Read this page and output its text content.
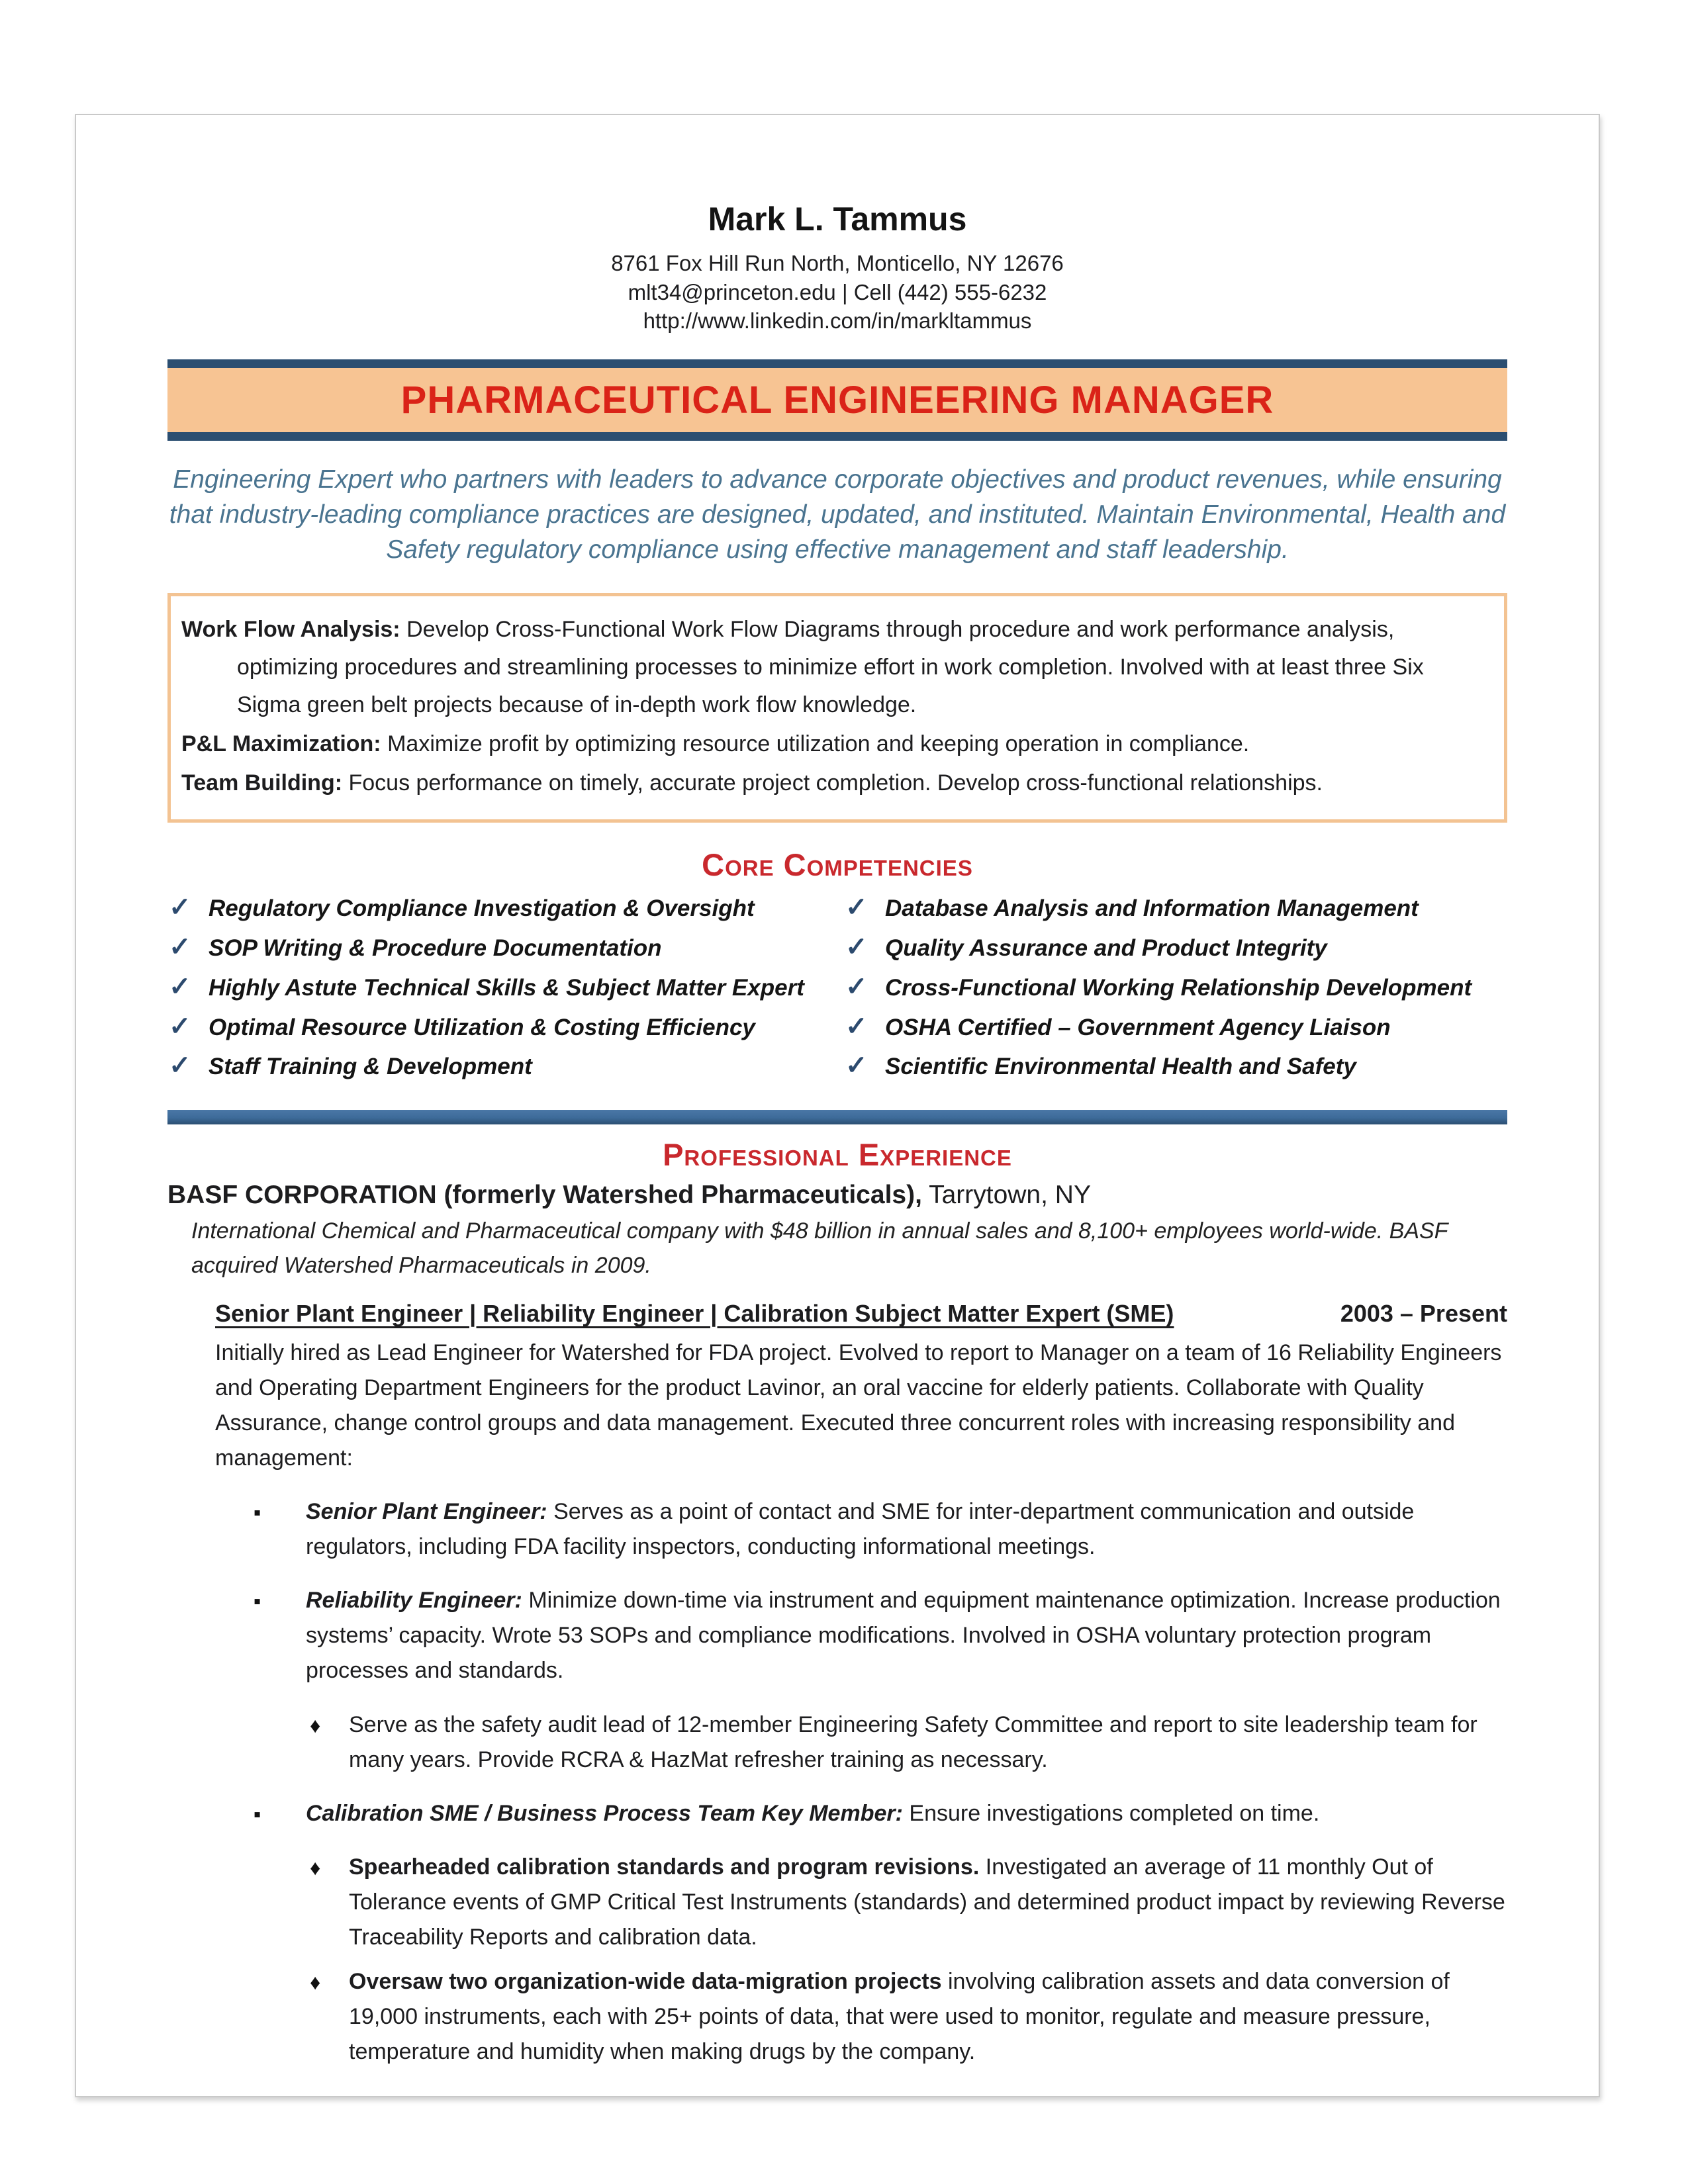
Mark L. Tammus
8761 Fox Hill Run North, Monticello, NY 12676
mlt34@princeton.edu | Cell (442) 555-6232
http://www.linkedin.com/in/markltammus
PHARMACEUTICAL ENGINEERING MANAGER

Engineering Expert who partners with leaders to advance corporate objectives and product revenues, while ensuring that industry-leading compliance practices are designed, updated, and instituted. Maintain Environmental, Health and Safety regulatory compliance using effective management and staff leadership.

Work Flow Analysis: Develop Cross-Functional Work Flow Diagrams through procedure and work performance analysis, optimizing procedures and streamlining processes to minimize effort in work completion. Involved with at least three Six Sigma green belt projects because of in-depth work flow knowledge.

P&L Maximization: Maximize profit by optimizing resource utilization and keeping operation in compliance.

Team Building: Focus performance on timely, accurate project completion. Develop cross-functional relationships.

Core Competencies
✓ Regulatory Compliance Investigation & Oversight
✓ SOP Writing & Procedure Documentation
✓ Highly Astute Technical Skills & Subject Matter Expert
✓ Optimal Resource Utilization & Costing Efficiency
✓ Staff Training & Development
✓ Database Analysis and Information Management
✓ Quality Assurance and Product Integrity
✓ Cross-Functional Working Relationship Development
✓ OSHA Certified – Government Agency Liaison
✓ Scientific Environmental Health and Safety
Professional Experience
BASF CORPORATION (formerly Watershed Pharmaceuticals), Tarrytown, NY

International Chemical and Pharmaceutical company with $48 billion in annual sales and 8,100+ employees world-wide. BASF acquired Watershed Pharmaceuticals in 2009.

Senior Plant Engineer | Reliability Engineer | Calibration Subject Matter Expert (SME)	2003 – Present

Initially hired as Lead Engineer for Watershed for FDA project. Evolved to report to Manager on a team of 16 Reliability Engineers and Operating Department Engineers for the product Lavinor, an oral vaccine for elderly patients. Collaborate with Quality Assurance, change control groups and data management. Executed three concurrent roles with increasing responsibility and management:

▪ Senior Plant Engineer: Serves as a point of contact and SME for inter-department communication and outside regulators, including FDA facility inspectors, conducting informational meetings.

▪ Reliability Engineer: Minimize down-time via instrument and equipment maintenance optimization. Increase production systems’ capacity. Wrote 53 SOPs and compliance modifications. Involved in OSHA voluntary protection program processes and standards.

♦ Serve as the safety audit lead of 12-member Engineering Safety Committee and report to site leadership team for many years. Provide RCRA & HazMat refresher training as necessary.

▪ Calibration SME / Business Process Team Key Member: Ensure investigations completed on time.

♦ Spearheaded calibration standards and program revisions. Investigated an average of 11 monthly Out of Tolerance events of GMP Critical Test Instruments (standards) and determined product impact by reviewing Reverse Traceability Reports and calibration data.

♦ Oversaw two organization-wide data-migration projects involving calibration assets and data conversion of 19,000 instruments, each with 25+ points of data, that were used to monitor, regulate and measure pressure, temperature and humidity when making drugs by the company.
